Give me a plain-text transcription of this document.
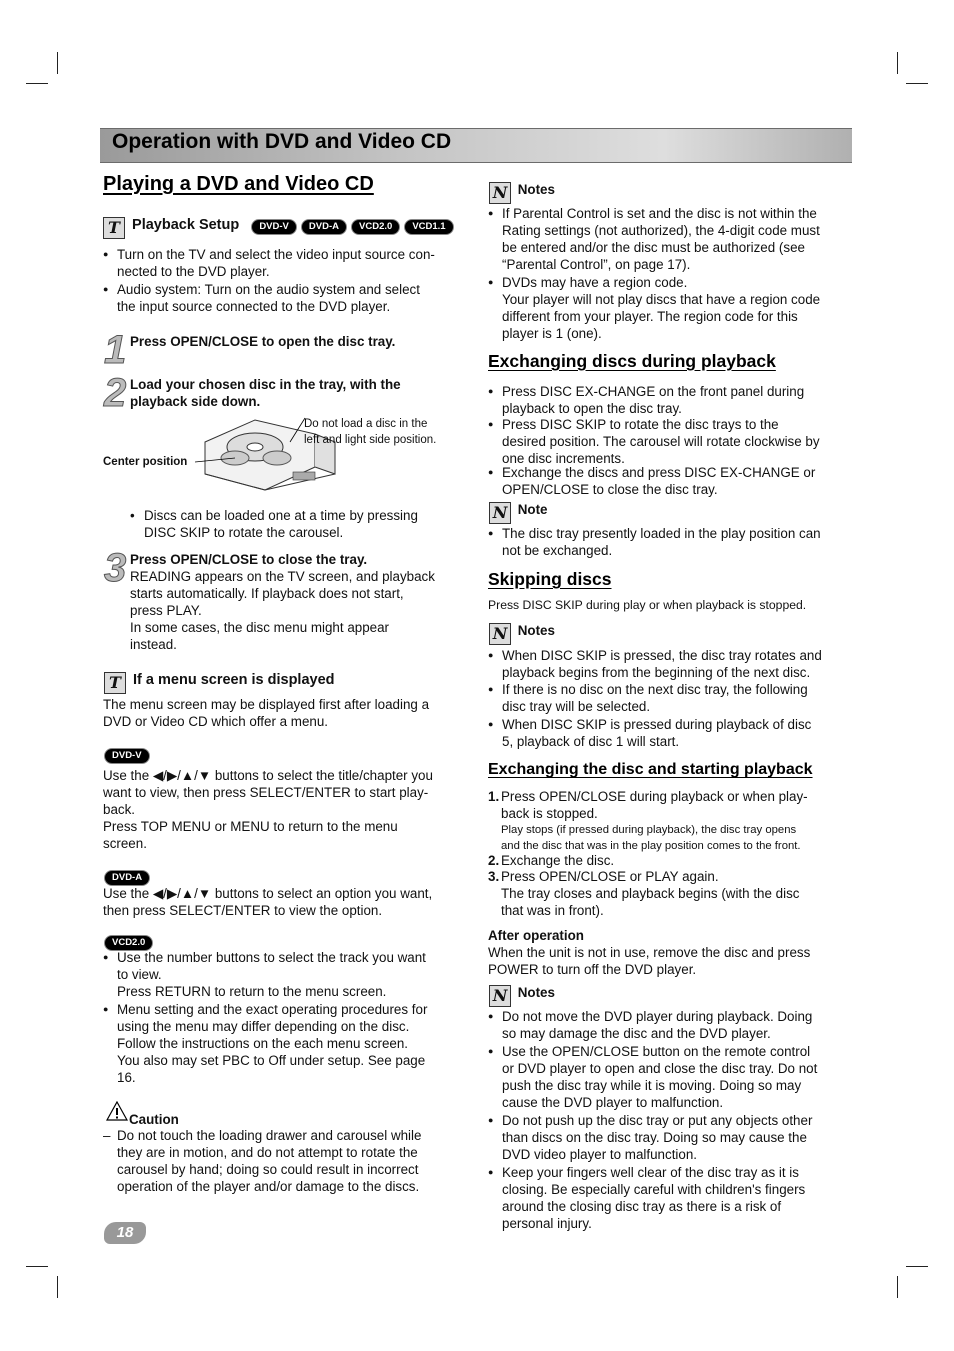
Operation with DVD and Video CD
Playing a DVD and Video CD
T Playback Setup DVD-V DVD-A VCD2.0 VCD1.1
● Turn on the TV and select the video input source con-
nected to the DVD player.
● Audio system: Turn on the audio system and select
the input source connected to the DVD player.
1 Press OPEN/CLOSE to open the disc tray.
2 Load your chosen disc in the tray, with the
playback side down.
Do not load a disc in the
left and light side position.
Center position
• Discs can be loaded one at a time by pressing
DISC SKIP to rotate the carousel.
3 Press OPEN/CLOSE to close the tray.
READING appears on the TV screen, and playback
starts automatically. If playback does not start,
press PLAY.
In some cases, the disc menu might appear
instead.
T If a menu screen is displayed
The menu screen may be displayed first after loading a
DVD or Video CD which offer a menu.
DVD-V
Use the ◀/▶/▲/▼ buttons to select the title/chapter you
want to view, then press SELECT/ENTER to start play-
back.
Press TOP MENU or MENU to return to the menu
screen.
DVD-A
Use the ◀/▶/▲/▼ buttons to select an option you want,
then press SELECT/ENTER to view the option.
VCD2.0
● Use the number buttons to select the track you want
to view.
Press RETURN to return to the menu screen.
● Menu setting and the exact operating procedures for
using the menu may differ depending on the disc.
Follow the instructions on the each menu screen.
You also may set PBC to Off under setup. See page
16.
Caution
– Do not touch the loading drawer and carousel while
they are in motion, and do not attempt to rotate the
carousel by hand; doing so could result in incorrect
operation of the player and/or damage to the discs.
18
N Notes
● If Parental Control is set and the disc is not within the
Rating settings (not authorized), the 4-digit code must
be entered and/or the disc must be authorized (see
“Parental Control”, on page 17).
● DVDs may have a region code.
Your player will not play discs that have a region code
different from your player. The region code for this
player is 1 (one).
Exchanging discs during playback
● Press DISC EX-CHANGE on the front panel during
playback to open the disc tray.
● Press DISC SKIP to rotate the disc trays to the
desired position. The carousel will rotate clockwise by
one disc increments.
● Exchange the discs and press DISC EX-CHANGE or
OPEN/CLOSE to close the disc tray.
N Note
● The disc tray presently loaded in the play position can
not be exchanged.
Skipping discs
Press DISC SKIP during play or when playback is stopped.
N Notes
● When DISC SKIP is pressed, the disc tray rotates and
playback begins from the beginning of the next disc.
● If there is no disc on the next disc tray, the following
disc tray will be selected.
● When DISC SKIP is pressed during playback of disc
5, playback of disc 1 will start.
Exchanging the disc and starting playback
1. Press OPEN/CLOSE during playback or when play-
back is stopped.
Play stops (if pressed during playback), the disc tray opens
and the disc that was in the play position comes to the front.
2. Exchange the disc.
3. Press OPEN/CLOSE or PLAY again.
The tray closes and playback begins (with the disc
that was in front).
After operation
When the unit is not in use, remove the disc and press
POWER to turn off the DVD player.
N Notes
● Do not move the DVD player during playback. Doing
so may damage the disc and the DVD player.
● Use the OPEN/CLOSE button on the remote control
or DVD player to open and close the disc tray. Do not
push the disc tray while it is moving. Doing so may
cause the DVD player to malfunction.
● Do not push up the disc tray or put any objects other
than discs on the disc tray. Doing so may cause the
DVD video player to malfunction.
● Keep your fingers well clear of the disc tray as it is
closing. Be especially careful with children's fingers
around the closing disc tray as there is a risk of
personal injury.
